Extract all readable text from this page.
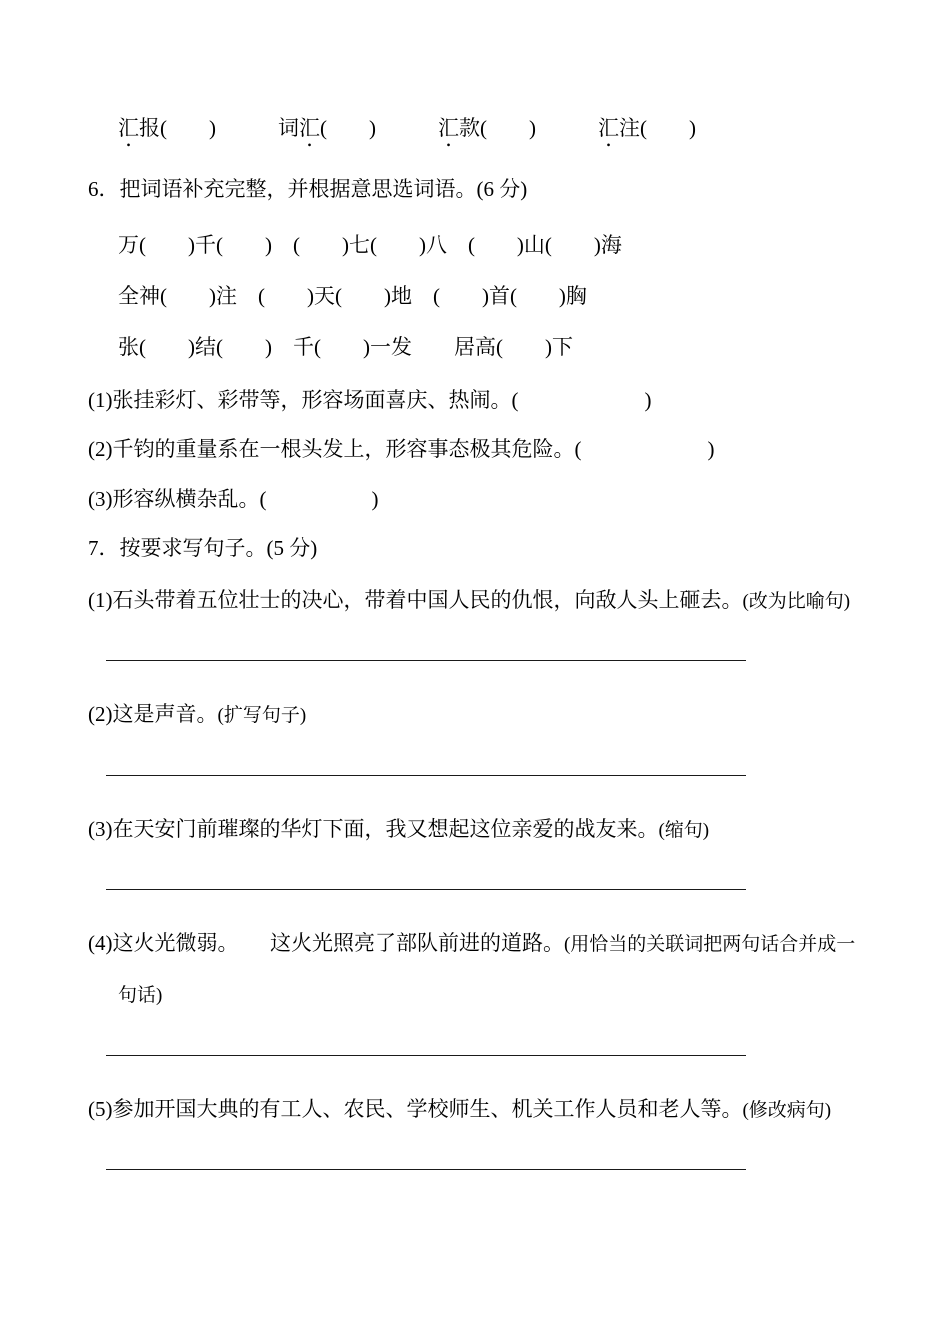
汇报(　　)	词汇(　　)	汇款(　　)	汇注(　　)

6．把词语补充完整，并根据意思选词语。(6 分)

万(　　)千(　　)　(　　)七(　　)八　(　　)山(　　)海

全神(　　)注　(　　)天(　　)地　(　　)首(　　)胸

张(　　)结(　　)　千(　　)一发　　居高(　　)下

(1)张挂彩灯、彩带等，形容场面喜庆、热闹。(　　　　　　)

(2)千钧的重量系在一根头发上，形容事态极其危险。(　　　　　　)

(3)形容纵横杂乱。(　　　　　)

7．按要求写句子。(5 分)

(1)石头带着五位壮士的决心，带着中国人民的仇恨，向敌人头上砸去。(改为比喻句)

(2)这是声音。(扩写句子)

(3)在天安门前璀璨的华灯下面，我又想起这位亲爱的战友来。(缩句)

(4)这火光微弱。　　这火光照亮了部队前进的道路。(用恰当的关联词把两句话合并成一句话)

(5)参加开国大典的有工人、农民、学校师生、机关工作人员和老人等。(修改病句)
